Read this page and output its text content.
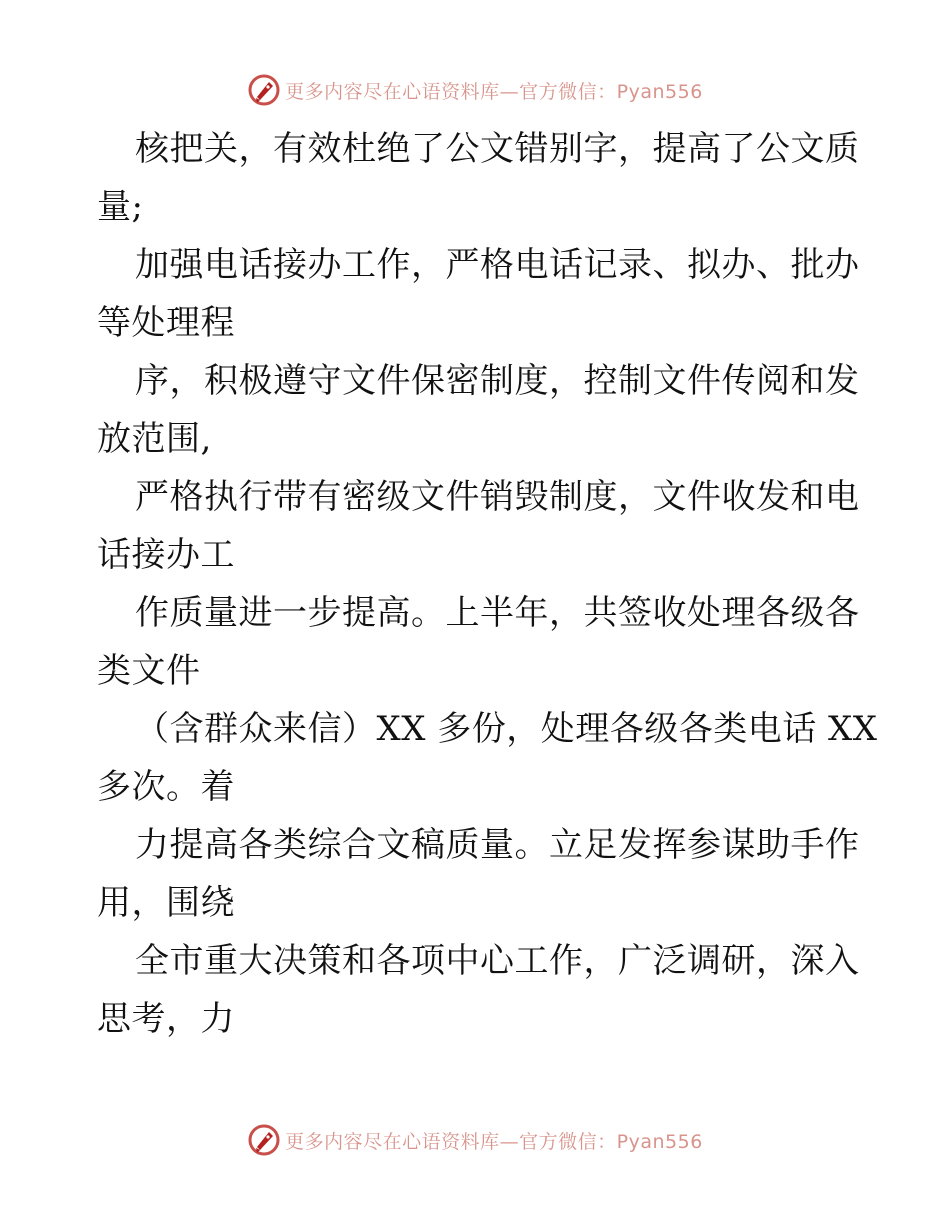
更多内容尽在心语资料库—官方微信：Pyan556
核把关，有效杜绝了公文错别字，提高了公文质
量;
加强电话接办工作，严格电话记录、拟办、批办
等处理程
序，积极遵守文件保密制度，控制文件传阅和发
放范围,
严格执行带有密级文件销毁制度，文件收发和电
话接办工
作质量进一步提高。上半年，共签收处理各级各
类文件
（含群众来信）XX 多份，处理各级各类电话 XX
多次。着
力提高各类综合文稿质量。立足发挥参谋助手作
用，围绕
全市重大决策和各项中心工作，广泛调研，深入
思考，力
更多内容尽在心语资料库—官方微信：Pyan556
